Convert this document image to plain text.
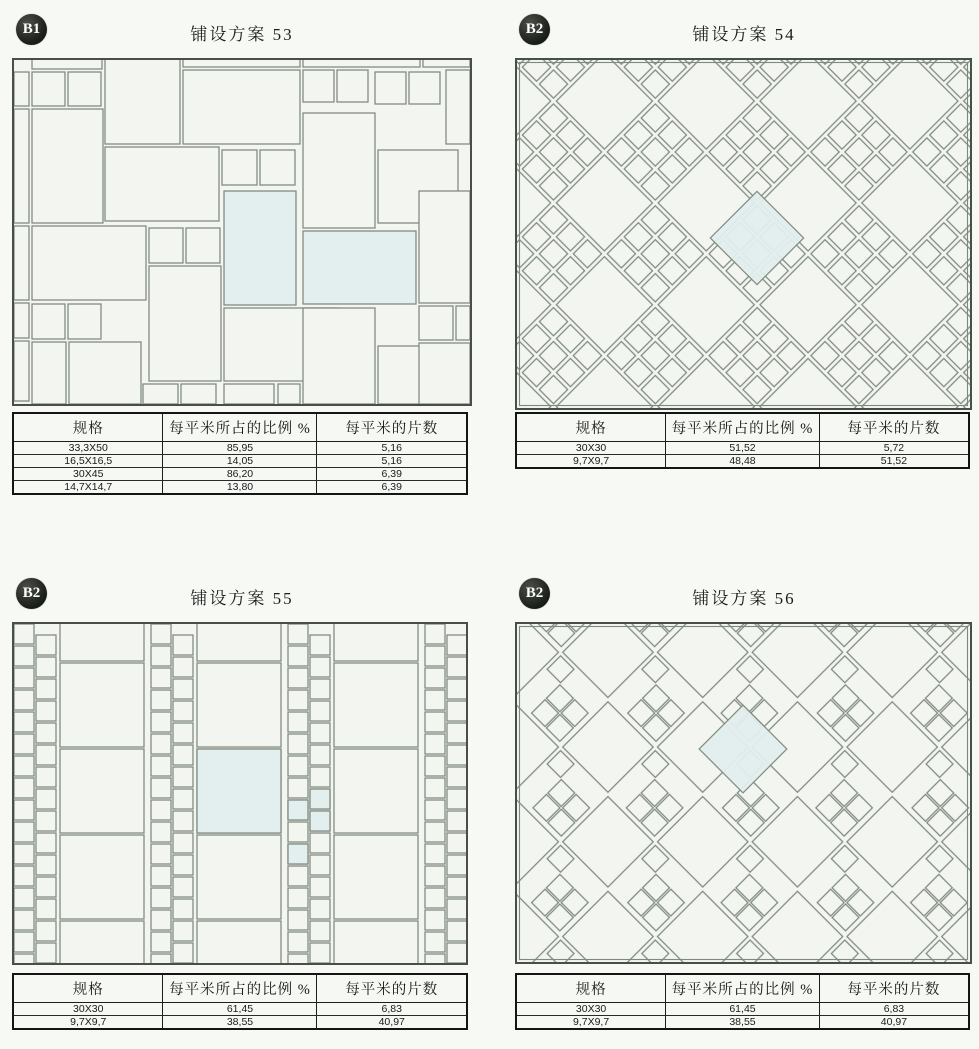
B1	铺设方案 53
规格	每平米所占的比例 %	每平米的片数
33,3X50	85,95	5,16
16,5X16,5	14,05	5,16
30X45	86,20	6,39
14,7X14,7	13,80	6,39
B2	铺设方案 54
规格	每平米所占的比例 %	每平米的片数
30X30	51,52	5,72
9,7X9,7	48,48	51,52
B2	铺设方案 55
规格	每平米所占的比例 %	每平米的片数
30X30	61,45	6,83
9,7X9,7	38,55	40,97
B2	铺设方案 56
规格	每平米所占的比例 %	每平米的片数
30X30	61,45	6,83
9,7X9,7	38,55	40,97
